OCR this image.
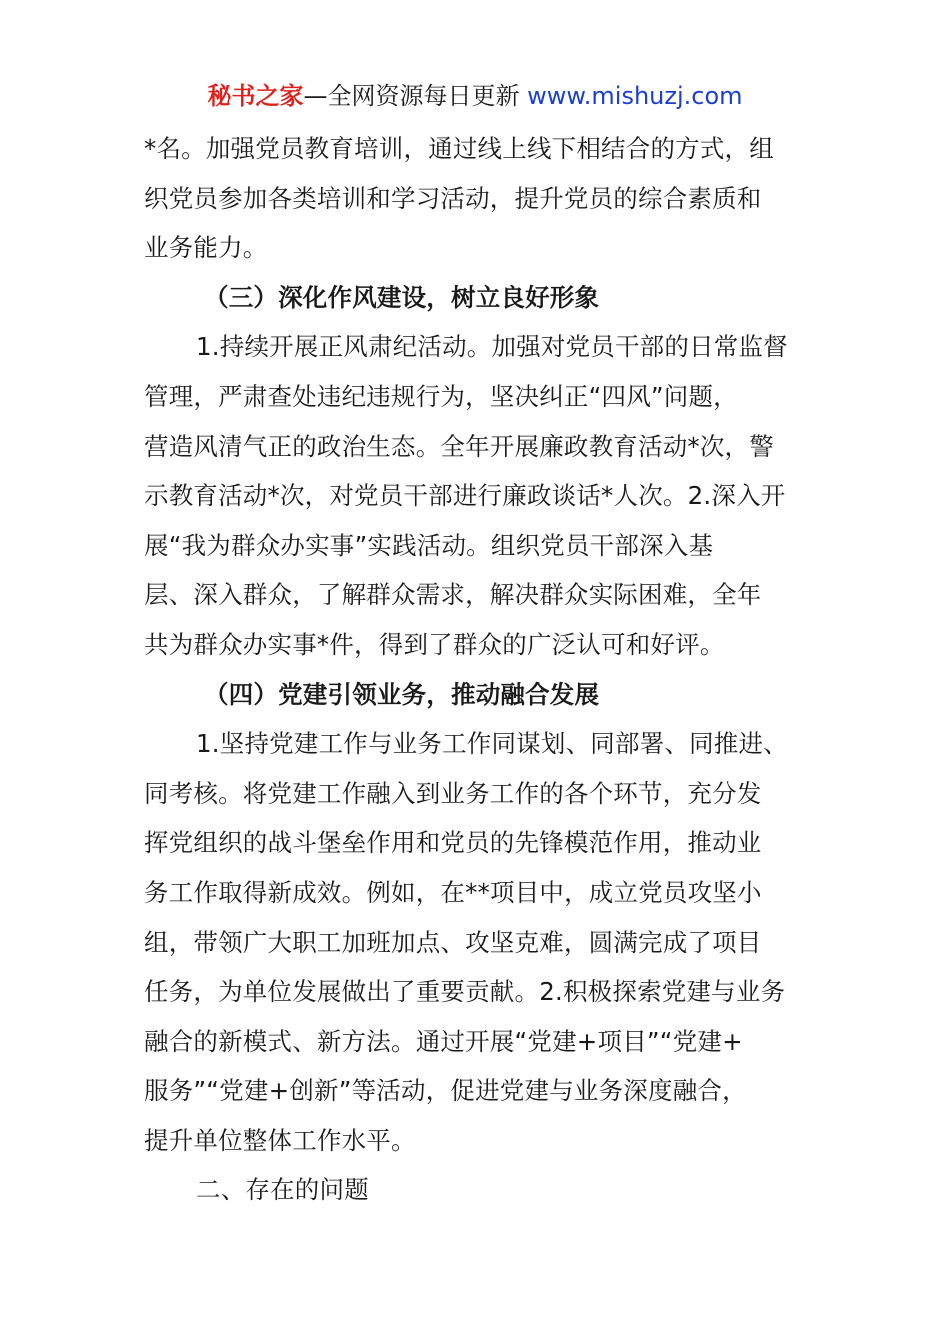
秘书之家—全网资源每日更新 www.mishuzj.com
*名。加强党员教育培训，通过线上线下相结合的方式，组
织党员参加各类培训和学习活动，提升党员的综合素质和
业务能力。
（三）深化作风建设，树立良好形象
1.持续开展正风肃纪活动。加强对党员干部的日常监督
管理，严肃查处违纪违规行为，坚决纠正“四风”问题，
营造风清气正的政治生态。全年开展廉政教育活动*次，警
示教育活动*次，对党员干部进行廉政谈话*人次。2.深入开
展“我为群众办实事”实践活动。组织党员干部深入基
层、深入群众，了解群众需求，解决群众实际困难，全年
共为群众办实事*件，得到了群众的广泛认可和好评。
（四）党建引领业务，推动融合发展
1.坚持党建工作与业务工作同谋划、同部署、同推进、
同考核。将党建工作融入到业务工作的各个环节，充分发
挥党组织的战斗堡垒作用和党员的先锋模范作用，推动业
务工作取得新成效。例如，在**项目中，成立党员攻坚小
组，带领广大职工加班加点、攻坚克难，圆满完成了项目
任务，为单位发展做出了重要贡献。2.积极探索党建与业务
融合的新模式、新方法。通过开展“党建+项目”“党建+
服务”“党建+创新”等活动，促进党建与业务深度融合，
提升单位整体工作水平。
二、存在的问题
